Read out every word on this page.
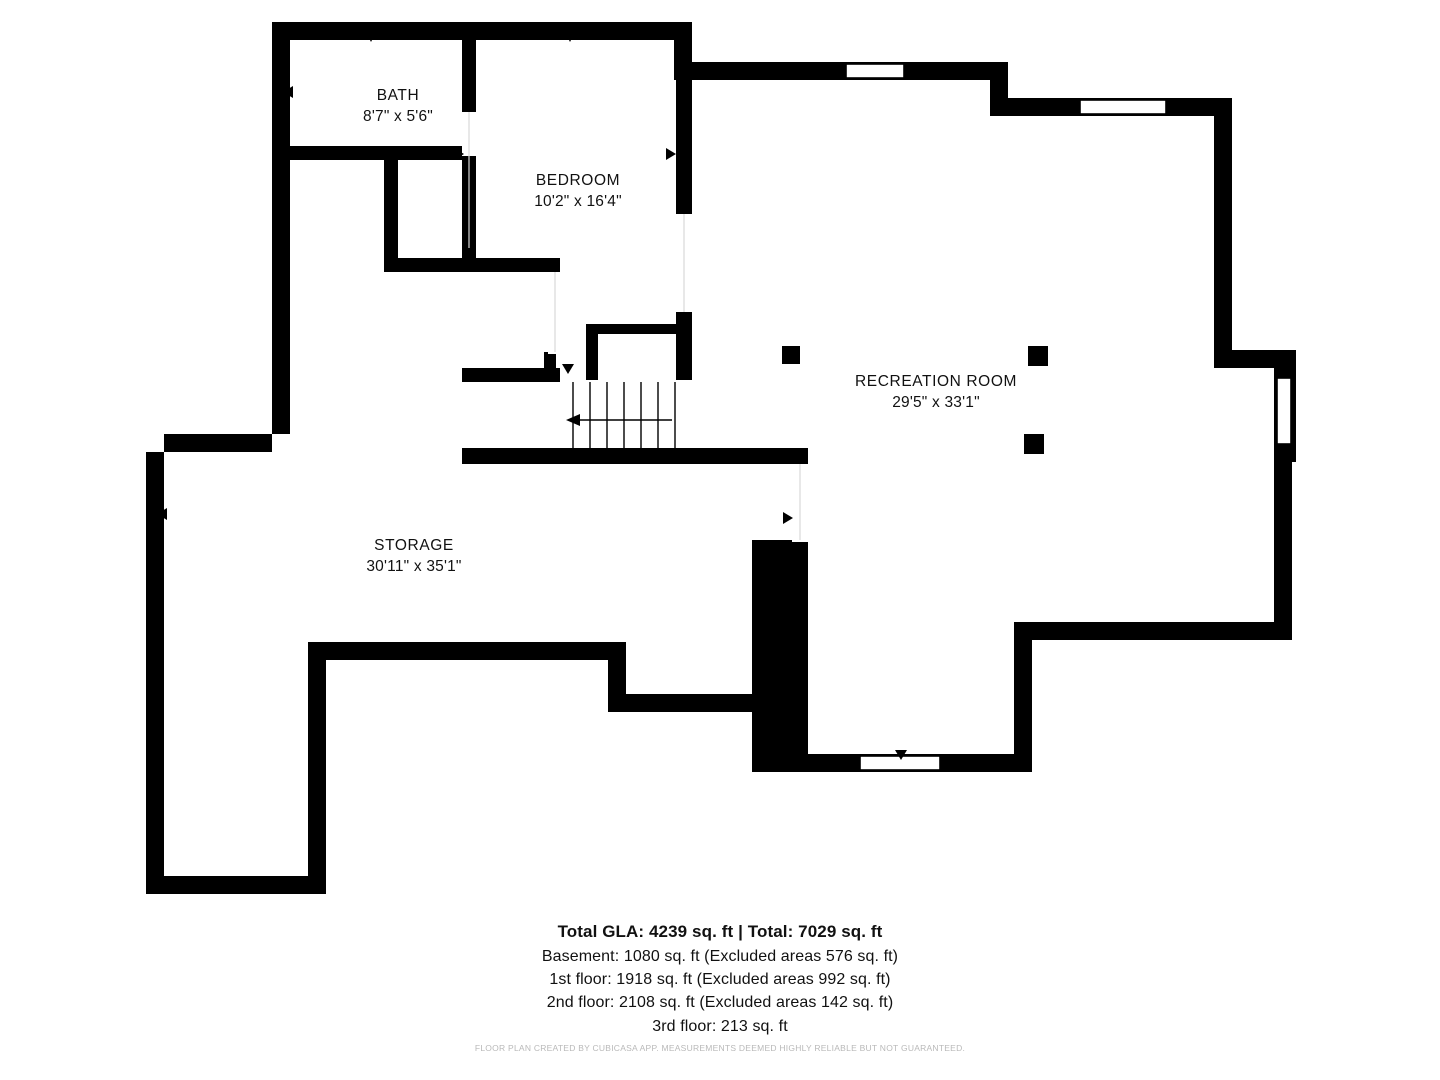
BATH
8'7" x 5'6"
BEDROOM
10'2" x 16'4"
RECREATION ROOM
29'5" x 33'1"
STORAGE
30'11" x 35'1"
Total GLA: 4239 sq. ft | Total: 7029 sq. ft
Basement: 1080 sq. ft (Excluded areas 576 sq. ft)
1st floor: 1918 sq. ft (Excluded areas 992 sq. ft)
2nd floor: 2108 sq. ft (Excluded areas 142 sq. ft)
3rd floor: 213 sq. ft
FLOOR PLAN CREATED BY CUBICASA APP. MEASUREMENTS DEEMED HIGHLY RELIABLE BUT NOT GUARANTEED.
